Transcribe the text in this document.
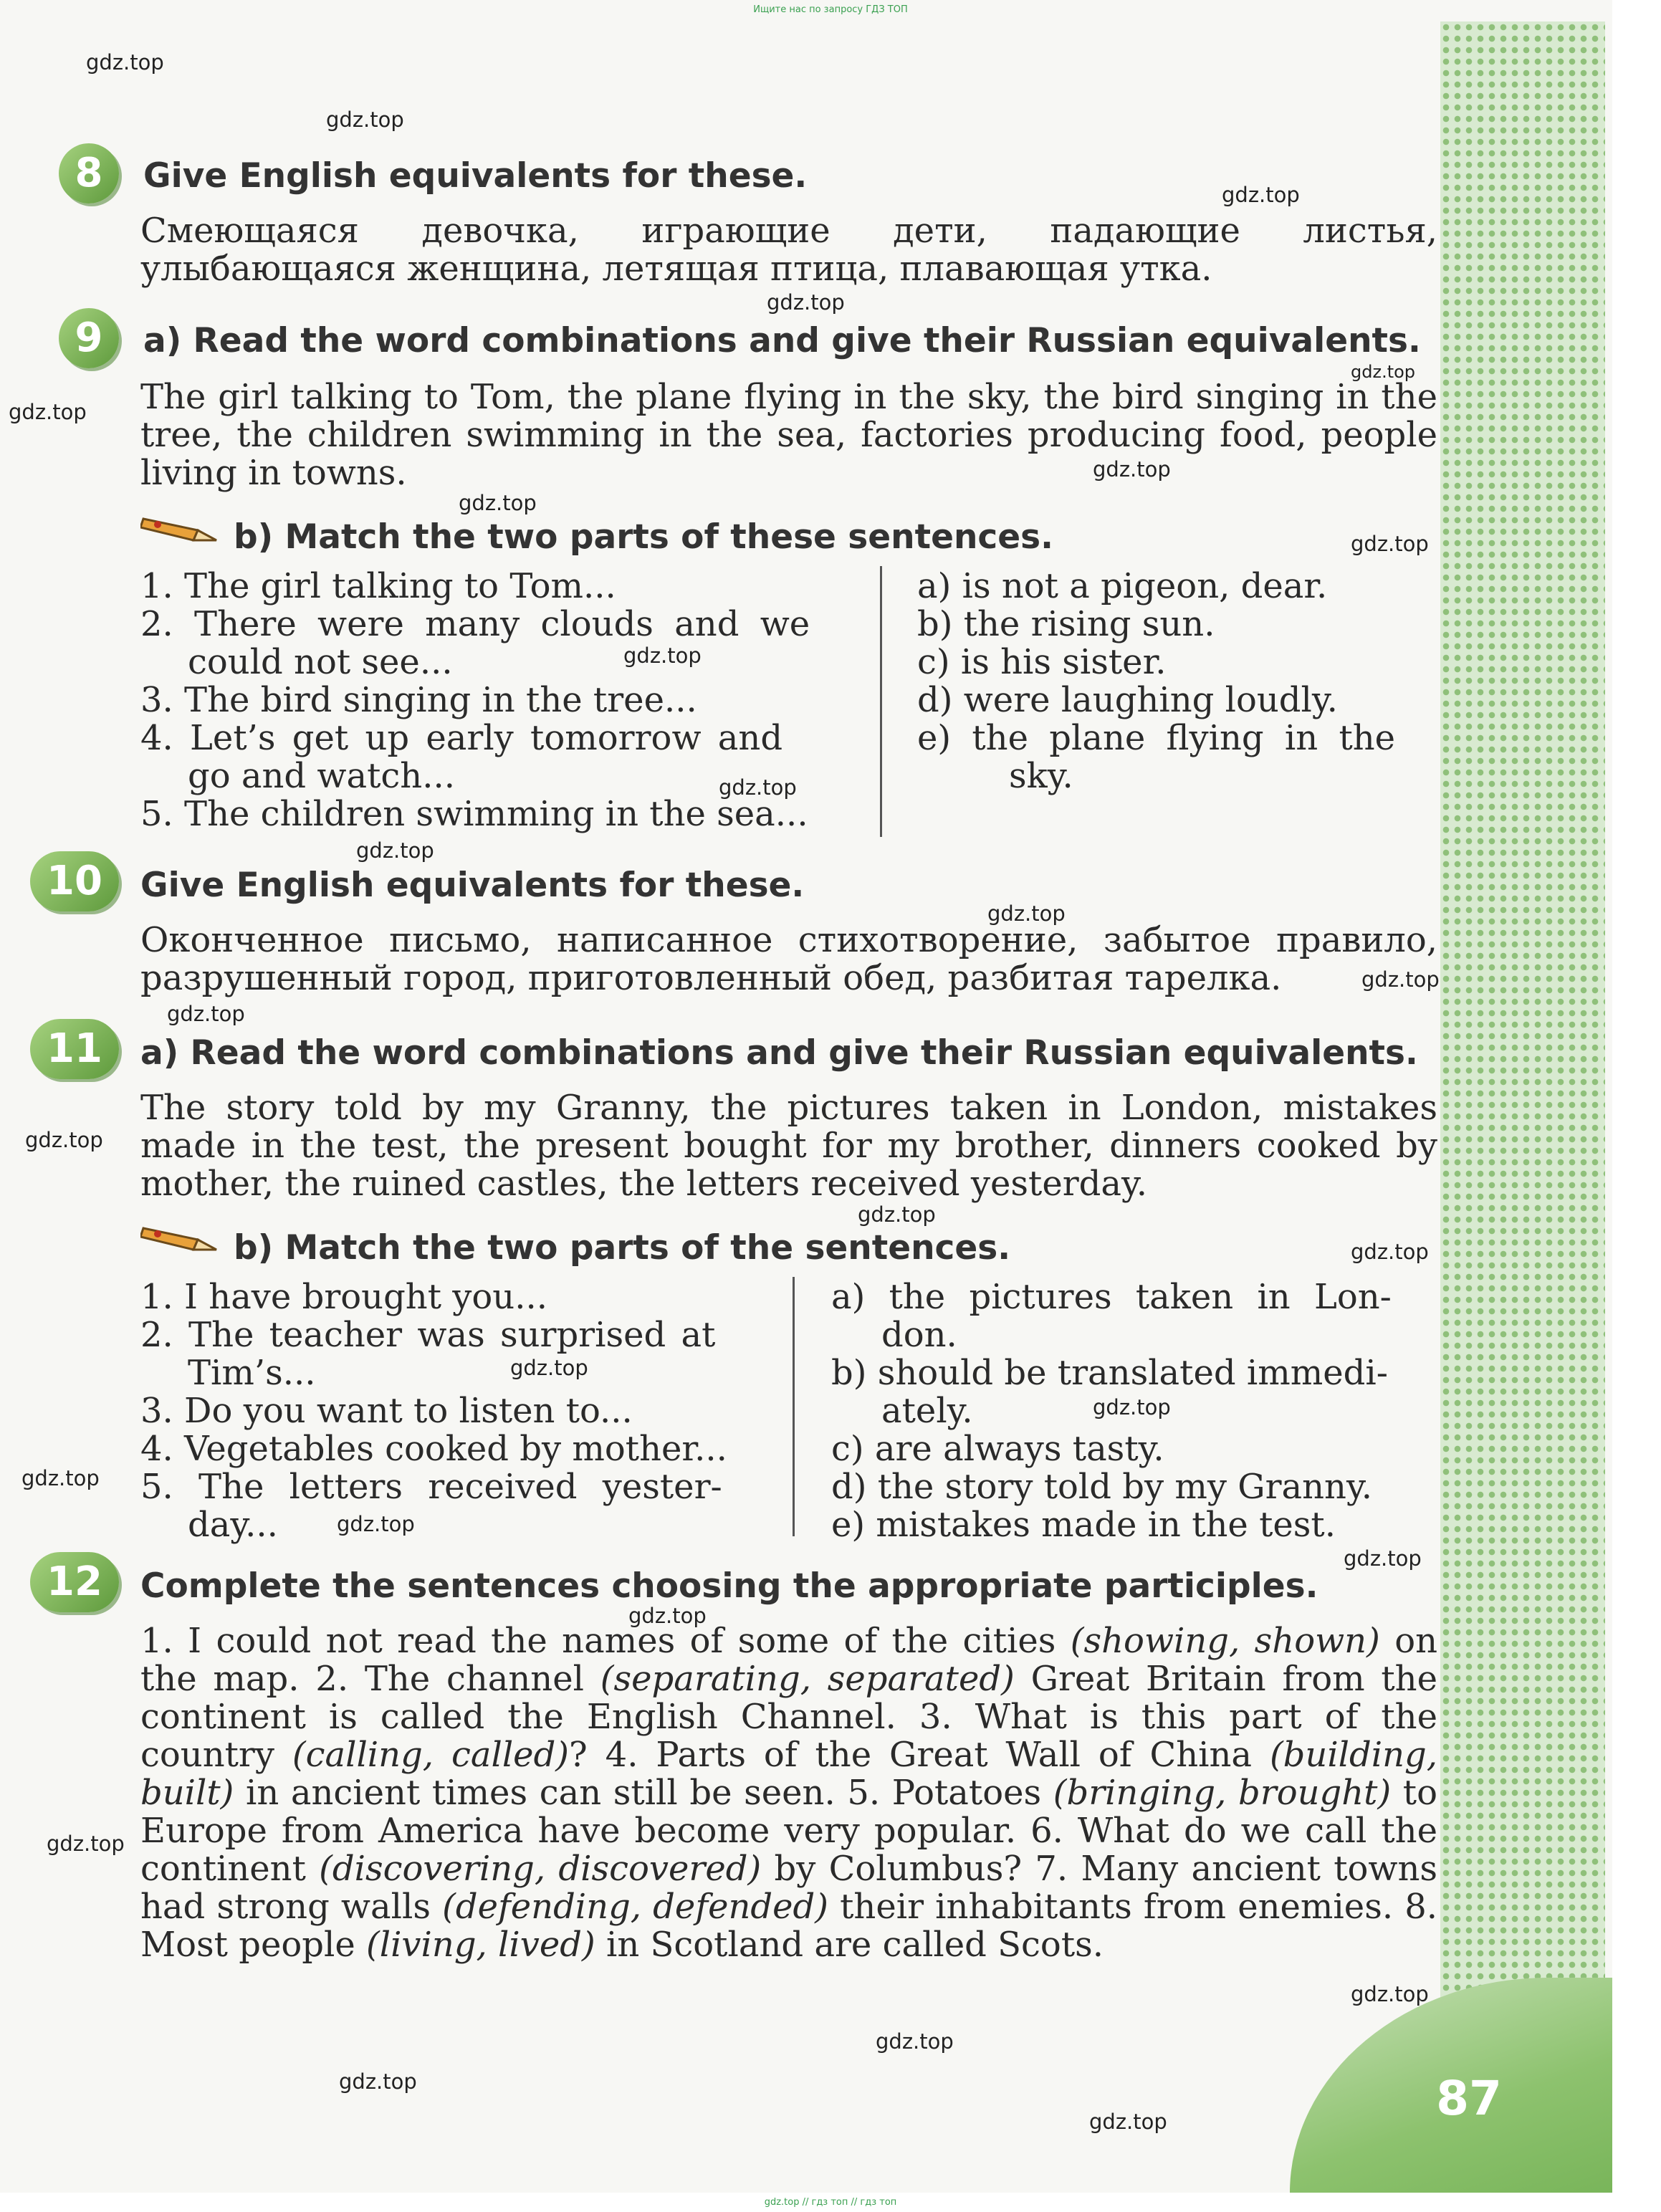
87
Ищите нас по запросу ГДЗ ТОП
gdz.top // гдз топ // гдз топ
gdz.top
gdz.top
gdz.top
gdz.top
gdz.top
gdz.top
gdz.top
gdz.top
gdz.top
gdz.top
gdz.top
gdz.top
gdz.top
gdz.top
gdz.top
gdz.top
gdz.top
gdz.top
gdz.top
gdz.top
gdz.top
gdz.top
gdz.top
gdz.top
gdz.top
gdz.top
gdz.top
gdz.top
gdz.top
8	Give English equivalents for these.
Смеющаяся девочка, играющие дети, падающие листья, улыбающаяся женщина, летящая птица, плавающая утка.
9	a) Read the word combinations and give their Russian equivalents.
The girl talking to Tom, the plane flying in the sky, the bird singing in the tree, the children swimming in the sea, factories producing food, people living in towns.
b) Match the two parts of these sentences.
1. The girl talking to Tom...
2. There were many clouds and we
could not see...
3. The bird singing in the tree...
4. Let’s get up early tomorrow and
go and watch...
5. The children swimming in the sea...
a) is not a pigeon, dear.
b) the rising sun.
c) is his sister.
d) were laughing loudly.
e) the plane flying in the
sky.
10	Give English equivalents for these.
Оконченное письмо, написанное стихотворение, забытое правило, разрушенный город, приготовленный обед, разбитая тарелка.
11	a) Read the word combinations and give their Russian equivalents.
The story told by my Granny, the pictures taken in London, mistakes made in the test, the present bought for my brother, dinners cooked by mother, the ruined castles, the letters received yesterday.
b) Match the two parts of the sentences.
1. I have brought you...
2. The teacher was surprised at
Tim’s...
3. Do you want to listen to...
4. Vegetables cooked by mother...
5. The letters received yester-
day...
a) the pictures taken in Lon-
don.
b) should be translated immedi-
ately.
c) are always tasty.
d) the story told by my Granny.
e) mistakes made in the test.
12	Complete the sentences choosing the appropriate participles.
1. I could not read the names of some of the cities (showing, shown) on the map. 2. The channel (separating, separated) Great Britain from the continent is called the English Channel. 3. What is this part of the country (calling, called)? 4. Parts of the Great Wall of China (building, built) in ancient times can still be seen. 5. Potatoes (bringing, brought) to Europe from America have become very popular. 6. What do we call the continent (discovering, discovered) by Columbus? 7. Many ancient towns had strong walls (defending, defended) their inhabitants from enemies. 8. Most people (living, lived) in Scotland are called Scots.
